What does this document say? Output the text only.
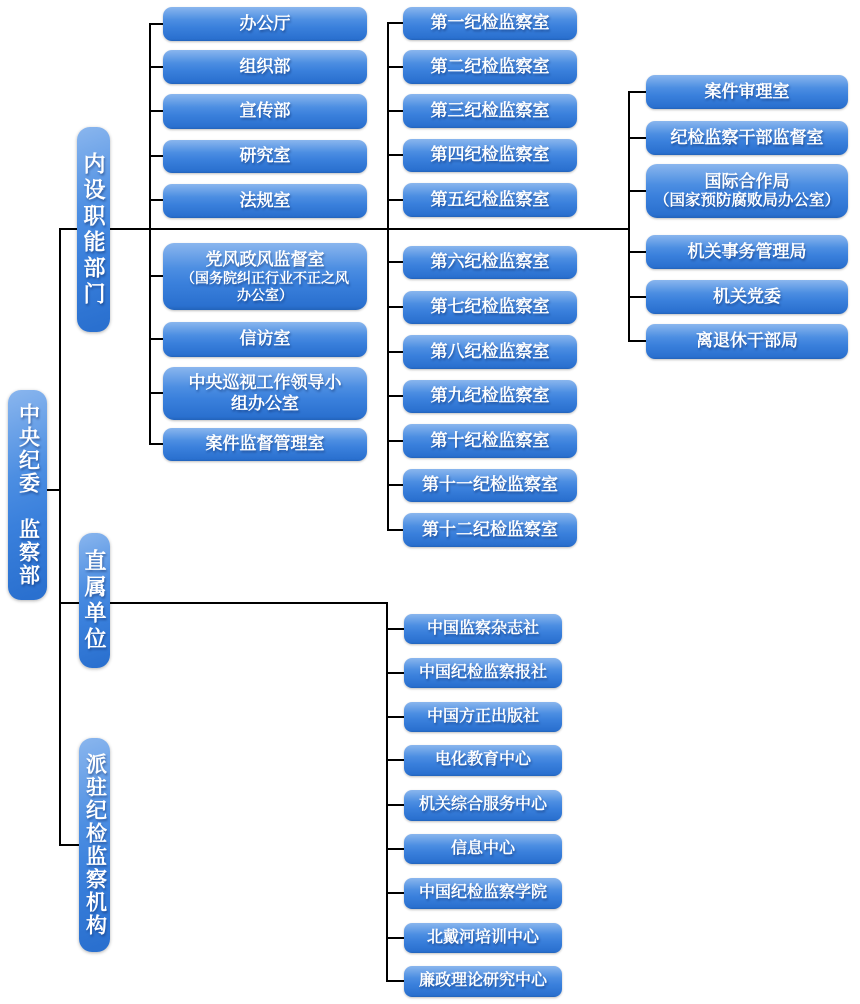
中央纪委　监察部
内设职能部门
直属单位
派驻纪检监察机构
办公厅
组织部
宣传部
研究室
法规室
党风政风监督室
（国务院纠正行业不正之风办公室）
信访室
中央巡视工作领导小组办公室
案件监督管理室
第一纪检监察室
第二纪检监察室
第三纪检监察室
第四纪检监察室
第五纪检监察室
第六纪检监察室
第七纪检监察室
第八纪检监察室
第九纪检监察室
第十纪检监察室
第十一纪检监察室
第十二纪检监察室
案件审理室
纪检监察干部监督室
国际合作局
（国家预防腐败局办公室）
机关事务管理局
机关党委
离退休干部局
中国监察杂志社
中国纪检监察报社
中国方正出版社
电化教育中心
机关综合服务中心
信息中心
中国纪检监察学院
北戴河培训中心
廉政理论研究中心
